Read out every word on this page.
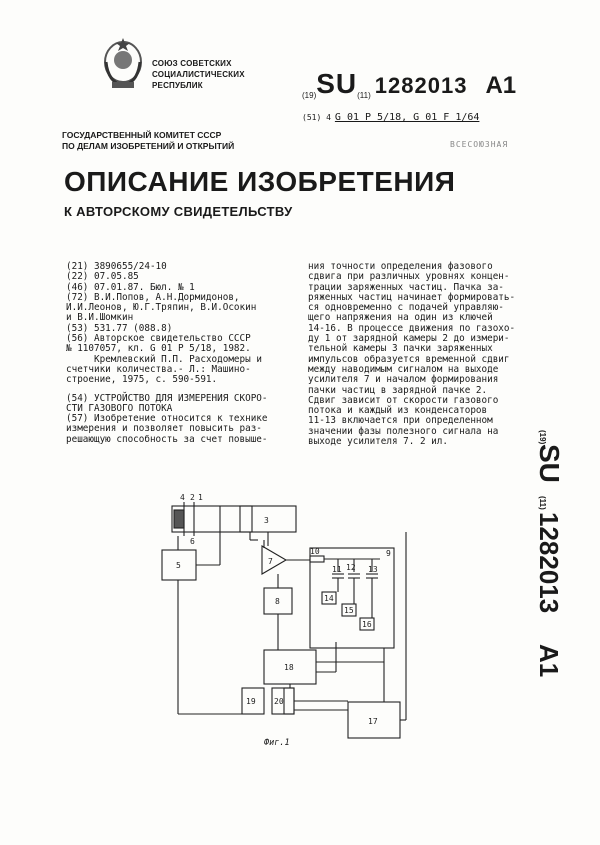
СОЮЗ СОВЕТСКИХ
СОЦИАЛИСТИЧЕСКИХ
РЕСПУБЛИК
(19)SU(11) 1282013 A1
(51) 4 G 01 P 5/18, G 01 F 1/64
ГОСУДАРСТВЕННЫЙ КОМИТЕТ СССР
ПО ДЕЛАМ ИЗОБРЕТЕНИЙ И ОТКРЫТИЙ	ВСЕСОЮЗНАЯ
ОПИСАНИЕ ИЗОБРЕТЕНИЯ
К АВТОРСКОМУ СВИДЕТЕЛЬСТВУ
(21) 3890655/24-10
(22) 07.05.85
(46) 07.01.87. Бюл. № 1
(72) В.И.Попов, А.Н.Дормидонов,
И.И.Леонов, Ю.Г.Тряпин, В.И.Осокин
и В.И.Шомкин
(53) 531.77 (088.8)
(56) Авторское свидетельство СССР
№ 1107057, кл. G 01 P 5/18, 1982.
Кремлевский П.П. Расходомеры и
счетчики количества.- Л.: Машино-
строение, 1975, с. 590-591.
(54) УСТРОЙСТВО ДЛЯ ИЗМЕРЕНИЯ СКОРО-
СТИ ГАЗОВОГО ПОТОКА
(57) Изобретение относится к технике
измерения и позволяет повысить раз-
решающую способность за счет повыше-
ния точности определения фазового
сдвига при различных уровнях концен-
трации заряженных частиц. Пачка за-
ряженных частиц начинает формировать-
ся одновременно с подачей управляю-
щего напряжения на один из ключей
14-16. В процессе движения по газохо-
ду 1 от зарядной камеры 2 до измери-
тельной камеры 3 пачки заряженных
импульсов образуется временной сдвиг
между наводимым сигналом на выходе
усилителя 7 и началом формирования
пачки частиц в зарядной пачке 2.
Сдвиг зависит от скорости газового
потока и каждый из конденсаторов
11-13 включается при определенном
значении фазы полезного сигнала на
выходе усилителя 7. 2 ил.	(19)
SU
(11)
1282013
A1
1
2
3
4
5
6
7
8
9
10
11 12 13
14
15
16
17
18
19 20
Фиг.1
